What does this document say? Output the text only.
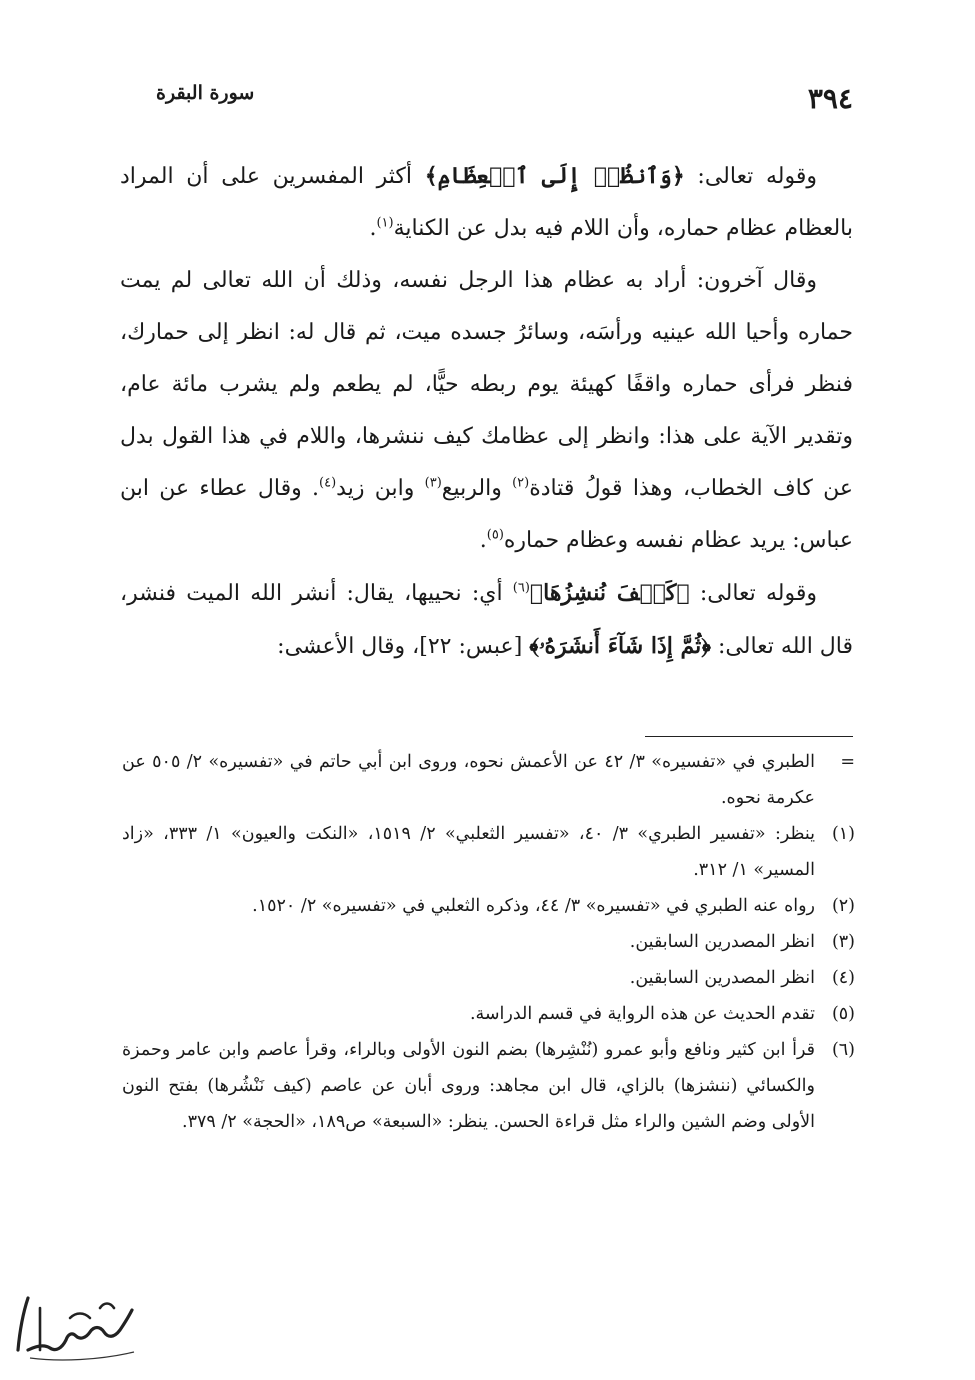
٣٩٤
سورة البقرة

وقوله تعالى: ﴿وَٱنظُرۡ إِلَى ٱلۡعِظَامِ﴾ أكثر المفسرين على أن المراد بالعظام عظام حماره، وأن اللام فيه بدل عن الكناية$^{(١)}$.

وقال آخرون: أراد به عظام هذا الرجل نفسه، وذلك أن الله تعالى لم يمت حماره وأحيا الله عينيه ورأسَه، وسائرُ جسده ميت، ثم قال له: انظر إلى حمارك، فنظر فرأى حماره واقفًا كهيئة يوم ربطه حيًّا، لم يطعم ولم يشرب مائة عام، وتقدير الآية على هذا: وانظر إلى عظامك كيف ننشرها، واللام في هذا القول بدل عن كاف الخطاب، وهذا قولُ قتادة$^{(٢)}$ والربيع$^{(٣)}$ وابن زيد$^{(٤)}$. وقال عطاء عن ابن عباس: يريد عظام نفسه وعظام حماره$^{(٥)}$.

وقوله تعالى: ﴿كَيۡفَ نُنشِزُهَا﴾$^{(٦)}$ أي: نحييها، يقال: أنشر الله الميت فنشر، قال الله تعالى: ﴿ثُمَّ إِذَا شَآءَ أَنشَرَهُۥ﴾ [عبس: ٢٢]، وقال الأعشى:

=
الطبري في «تفسيره» ٣/ ٤٢ عن الأعمش نحوه، وروى ابن أبي حاتم في «تفسيره» ٢/ ٥٠٥ عن عكرمة نحوه.
(١)
ينظر: «تفسير الطبري» ٣/ ٤٠، «تفسير الثعلبي» ٢/ ١٥١٩، «النكت والعيون» ١/ ٣٣٣، «زاد المسير» ١/ ٣١٢.
(٢)
رواه عنه الطبري في «تفسيره» ٣/ ٤٤، وذكره الثعلبي في «تفسيره» ٢/ ١٥٢٠.
(٣)
انظر المصدرين السابقين.
(٤)
انظر المصدرين السابقين.
(٥)
تقدم الحديث عن هذه الرواية في قسم الدراسة.
(٦)
قرأ ابن كثير ونافع وأبو عمرو (نُنْشِرها) بضم النون الأولى وبالراء، وقرأ عاصم وابن عامر وحمزة والكسائي (ننشزها) بالزاي، قال ابن مجاهد: وروى أبان عن عاصم (كيف نَنْشُرها) بفتح النون الأولى وضم الشين والراء مثل قراءة الحسن. ينظر: «السبعة» ص١٨٩، «الحجة» ٢/ ٣٧٩.
